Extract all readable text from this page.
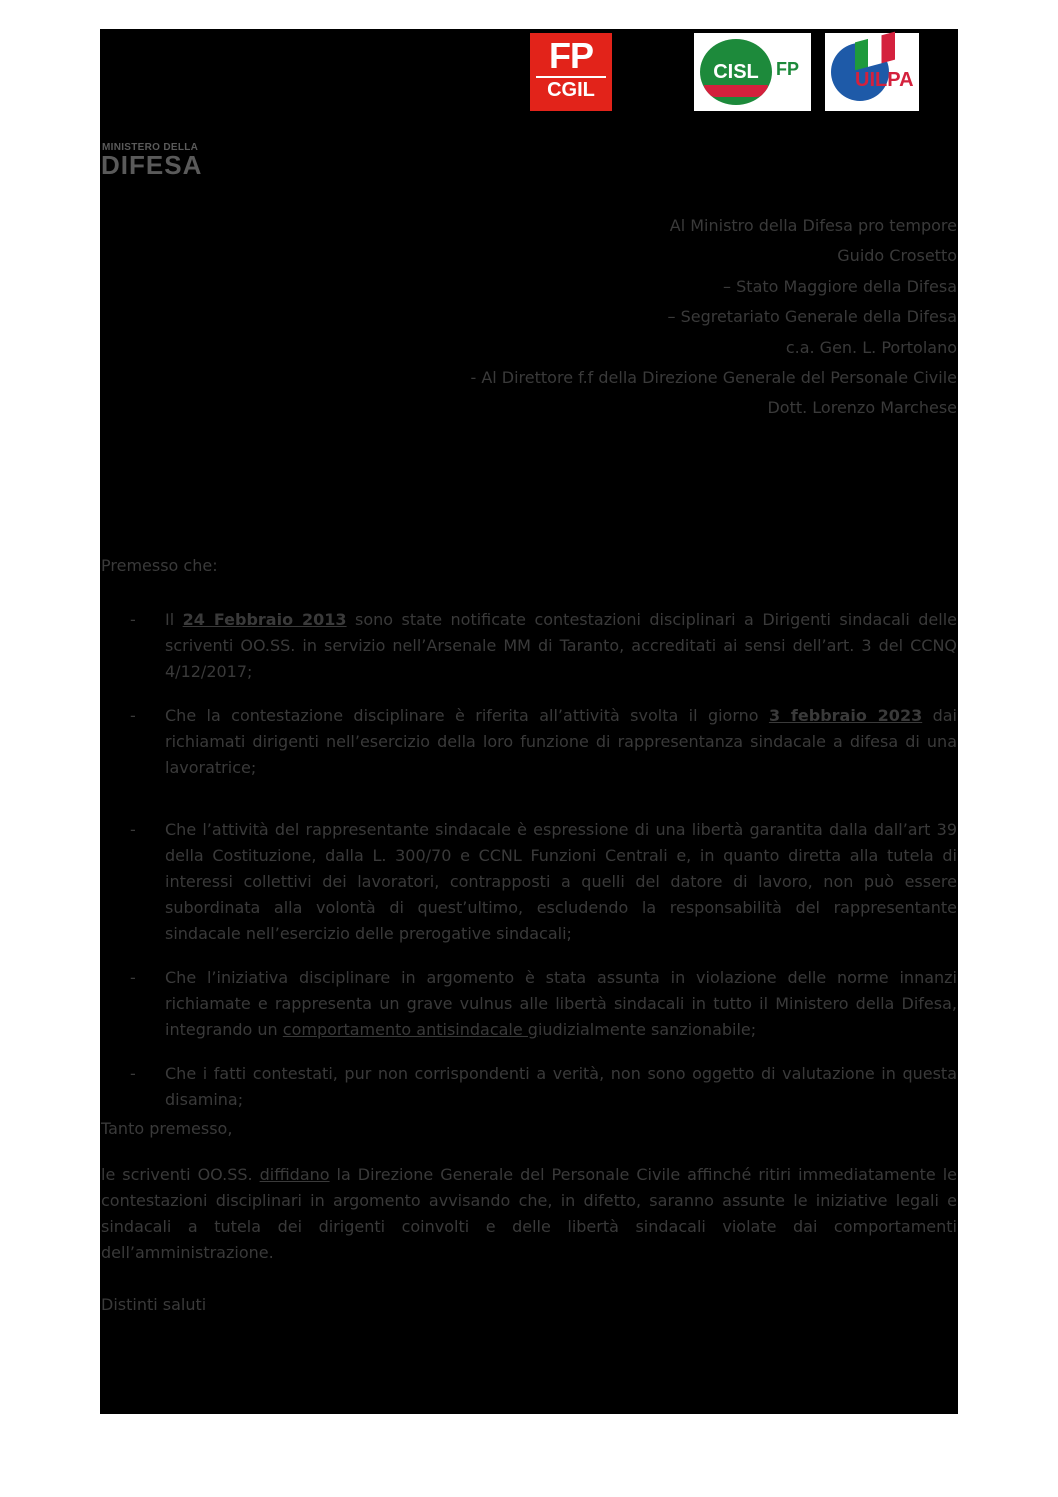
FP
CGIL
CISL FP	UILPA
MINISTERO DELLA
DIFESA
Al Ministro della Difesa pro tempore
Guido Crosetto
– Stato Maggiore della Difesa
– Segretariato Generale della Difesa
c.a. Gen. L. Portolano
- Al Direttore f.f della Direzione Generale del Personale Civile
Dott. Lorenzo Marchese
Premesso che:
- Il 24 Febbraio 2013 sono state notificate contestazioni disciplinari a Dirigenti sindacali delle scriventi OO.SS. in servizio nell’Arsenale MM di Taranto, accreditati ai sensi dell’art. 3 del CCNQ 4/12/2017;
- Che la contestazione disciplinare è riferita all’attività svolta il giorno 3 febbraio 2023 dai richiamati dirigenti nell’esercizio della loro funzione di rappresentanza sindacale a difesa di una lavoratrice;
- Che l’attività del rappresentante sindacale è espressione di una libertà garantita dalla dall’art 39 della Costituzione, dalla L. 300/70 e CCNL Funzioni Centrali e, in quanto diretta alla tutela di interessi collettivi dei lavoratori, contrapposti a quelli del datore di lavoro, non può essere subordinata alla volontà di quest’ultimo, escludendo la responsabilità del rappresentante sindacale nell’esercizio delle prerogative sindacali;
- Che l’iniziativa disciplinare in argomento è stata assunta in violazione delle norme innanzi richiamate e rappresenta un grave vulnus alle libertà sindacali in tutto il Ministero della Difesa, integrando un comportamento antisindacale giudizialmente sanzionabile;
- Che i fatti contestati, pur non corrispondenti a verità, non sono oggetto di valutazione in questa disamina;
Tanto premesso,
le scriventi OO.SS. diffidano la Direzione Generale del Personale Civile affinché ritiri immediatamente le contestazioni disciplinari in argomento avvisando che, in difetto, saranno assunte le iniziative legali e sindacali a tutela dei dirigenti coinvolti e delle libertà sindacali violate dai comportamenti dell’amministrazione.
Distinti saluti
